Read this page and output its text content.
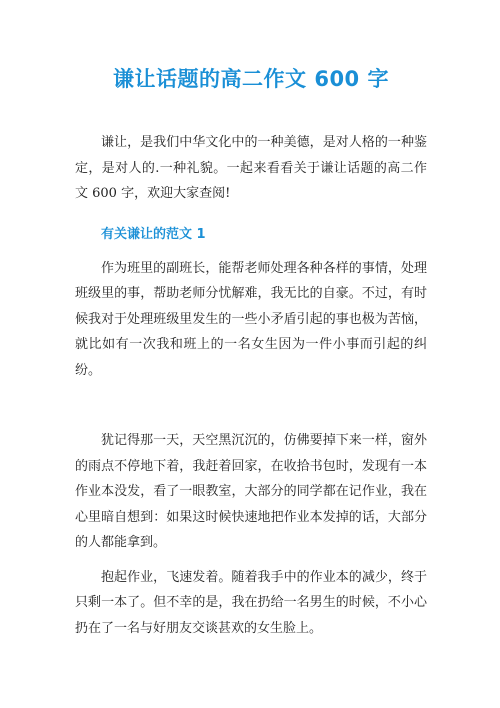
谦让话题的高二作文 600 字

谦让，是我们中华文化中的一种美德，是对人格的一种鉴定，是对人的.一种礼貌。一起来看看关于谦让话题的高二作文 600 字，欢迎大家查阅!

有关谦让的范文 1

作为班里的副班长，能帮老师处理各种各样的事情，处理班级里的事，帮助老师分忧解难，我无比的自豪。不过，有时候我对于处理班级里发生的一些小矛盾引起的事也极为苦恼，就比如有一次我和班上的一名女生因为一件小事而引起的纠纷。

犹记得那一天，天空黑沉沉的，仿佛要掉下来一样，窗外的雨点不停地下着，我赶着回家，在收拾书包时，发现有一本作业本没发，看了一眼教室，大部分的同学都在记作业，我在心里暗自想到：如果这时候快速地把作业本发掉的话，大部分的人都能拿到。

抱起作业，飞速发着。随着我手中的作业本的减少，终于只剩一本了。但不幸的是，我在扔给一名男生的时候，不小心扔在了一名与好朋友交谈甚欢的女生脸上。
